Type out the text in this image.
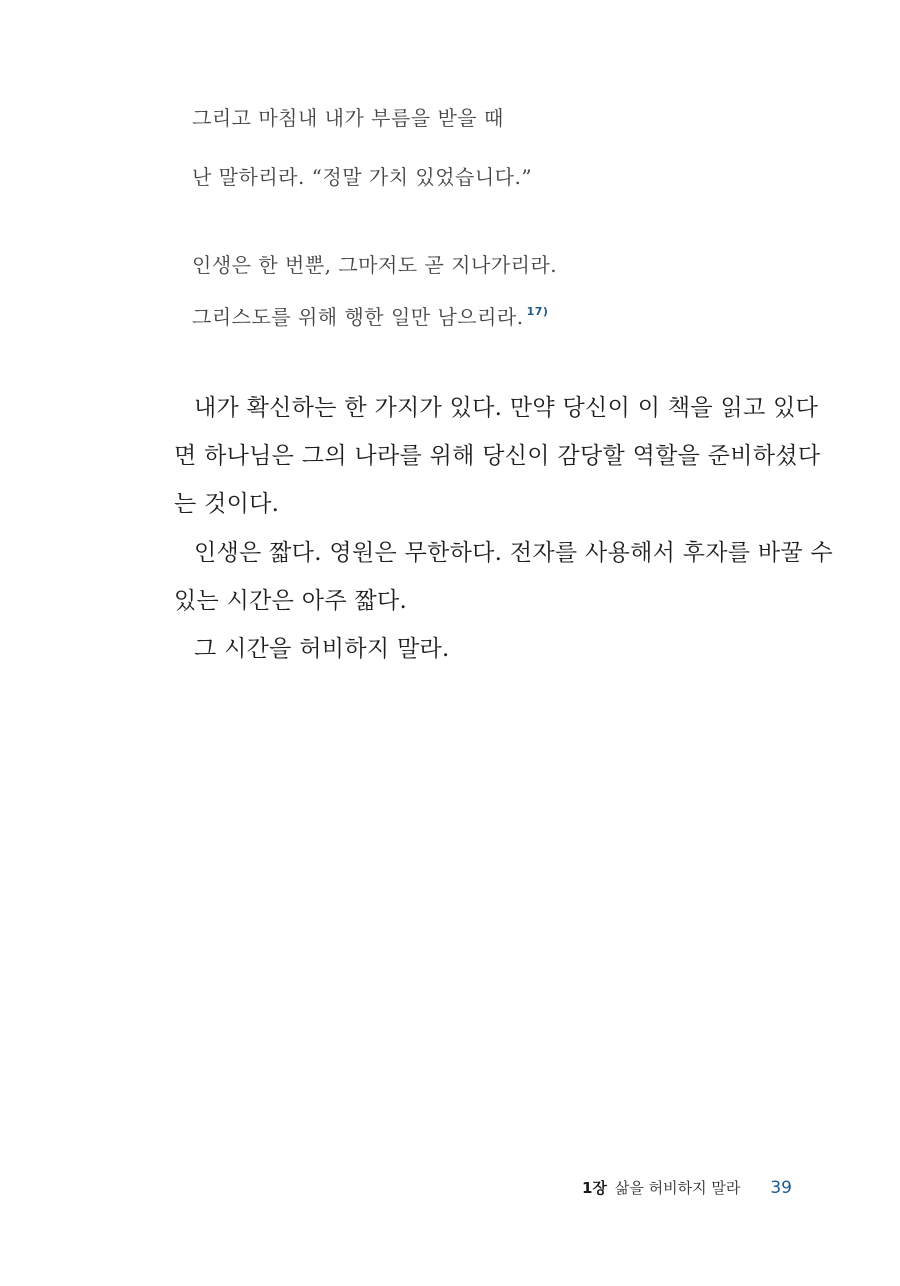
그리고 마침내 내가 부름을 받을 때
난 말하리라. “정말 가치 있었습니다.”
인생은 한 번뿐, 그마저도 곧 지나가리라.
그리스도를 위해 행한 일만 남으리라. $^{17)}$
내가 확신하는 한 가지가 있다. 만약 당신이 이 책을 읽고 있다
면 하나님은 그의 나라를 위해 당신이 감당할 역할을 준비하셨다
는 것이다.
인생은 짧다. 영원은 무한하다. 전자를 사용해서 후자를 바꿀 수
있는 시간은 아주 짧다.
그 시간을 허비하지 말라.
1장 삶을 허비하지 말라 39
